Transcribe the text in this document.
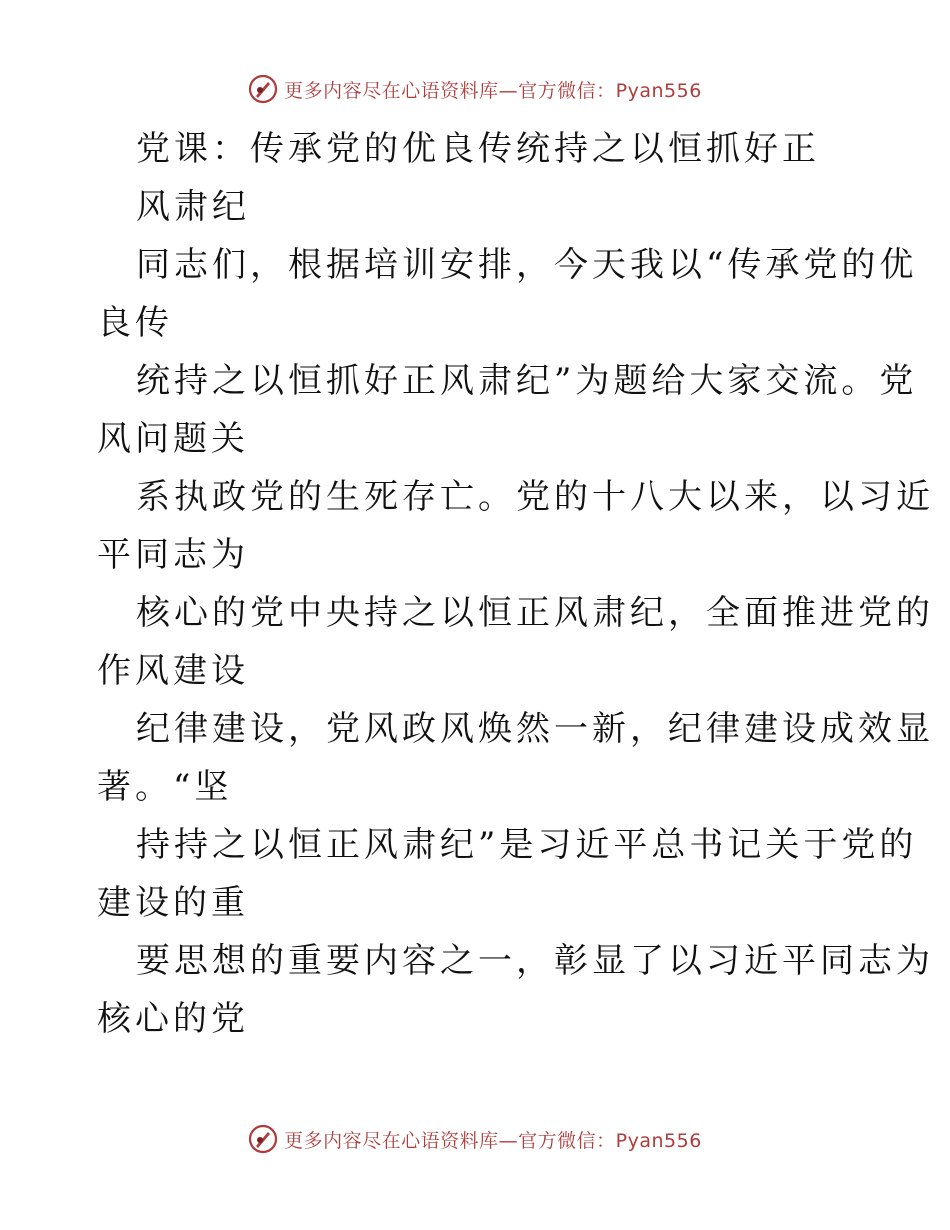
更多内容尽在心语资料库—官方微信：Pyan556
党课：传承党的优良传统持之以恒抓好正
风肃纪
同志们，根据培训安排，今天我以“传承党的优
良传
统持之以恒抓好正风肃纪”为题给大家交流。党
风问题关
系执政党的生死存亡。党的十八大以来，以习近
平同志为
核心的党中央持之以恒正风肃纪，全面推进党的
作风建设
纪律建设，党风政风焕然一新，纪律建设成效显
著。“坚
持持之以恒正风肃纪”是习近平总书记关于党的
建设的重
要思想的重要内容之一，彰显了以习近平同志为
核心的党
更多内容尽在心语资料库—官方微信：Pyan556
